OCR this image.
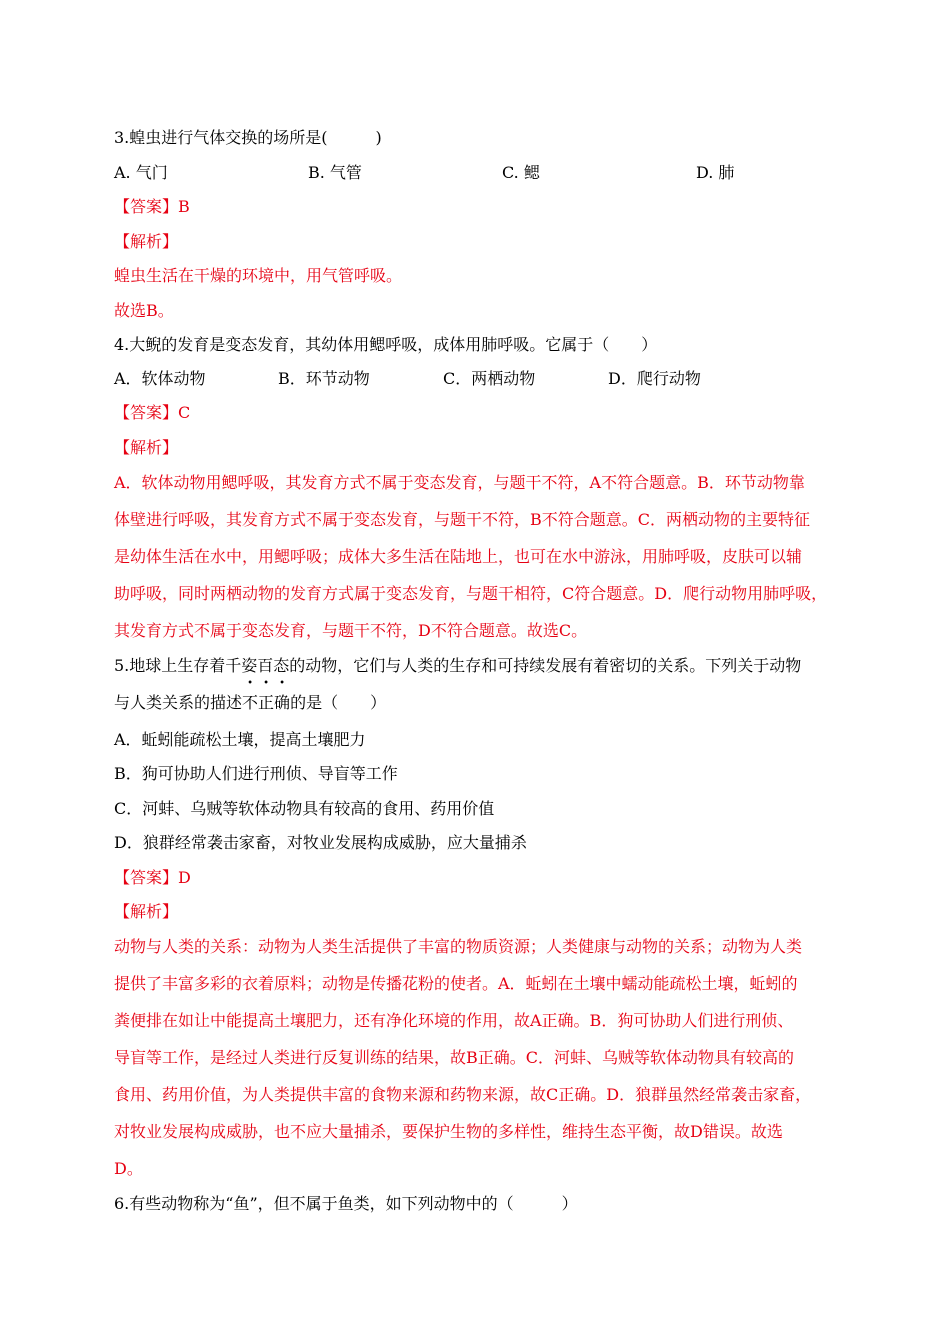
3.蝗虫进行气体交换的场所是(　　　)
A. 气门	B. 气管	C. 鳃	D. 肺
【答案】B
【解析】
蝗虫生活在干燥的环境中，用气管呼吸。
故选B。
4.大鲵的发育是变态发育，其幼体用鳃呼吸，成体用肺呼吸。它属于（　　）
A．软体动物	B．环节动物	C．两栖动物	D．爬行动物
【答案】C
【解析】
A．软体动物用鳃呼吸，其发育方式不属于变态发育，与题干不符，A不符合题意。B．环节动物靠
体壁进行呼吸，其发育方式不属于变态发育，与题干不符，B不符合题意。C．两栖动物的主要特征
是幼体生活在水中，用鳃呼吸；成体大多生活在陆地上，也可在水中游泳，用肺呼吸，皮肤可以辅
助呼吸，同时两栖动物的发育方式属于变态发育，与题干相符，C符合题意。D．爬行动物用肺呼吸，
其发育方式不属于变态发育，与题干不符，D不符合题意。故选C。
5.地球上生存着千姿百态的动物，它们与人类的生存和可持续发展有着密切的关系。下列关于动物
与人类关系的描述不正确的是（　　）
A．蚯蚓能疏松土壤，提高土壤肥力
B．狗可协助人们进行刑侦、导盲等工作
C．河蚌、乌贼等软体动物具有较高的食用、药用价值
D．狼群经常袭击家畜，对牧业发展构成威胁，应大量捕杀
【答案】D
【解析】
动物与人类的关系：动物为人类生活提供了丰富的物质资源；人类健康与动物的关系；动物为人类
提供了丰富多彩的衣着原料；动物是传播花粉的使者。A．蚯蚓在土壤中蠕动能疏松土壤，蚯蚓的
粪便排在如让中能提高土壤肥力，还有净化环境的作用，故A正确。B．狗可协助人们进行刑侦、
导盲等工作，是经过人类进行反复训练的结果，故B正确。C．河蚌、乌贼等软体动物具有较高的
食用、药用价值，为人类提供丰富的食物来源和药物来源，故C正确。D．狼群虽然经常袭击家畜，
对牧业发展构成威胁，也不应大量捕杀，要保护生物的多样性，维持生态平衡，故D错误。故选
D。
6.有些动物称为“鱼”，但不属于鱼类，如下列动物中的（　　　）
